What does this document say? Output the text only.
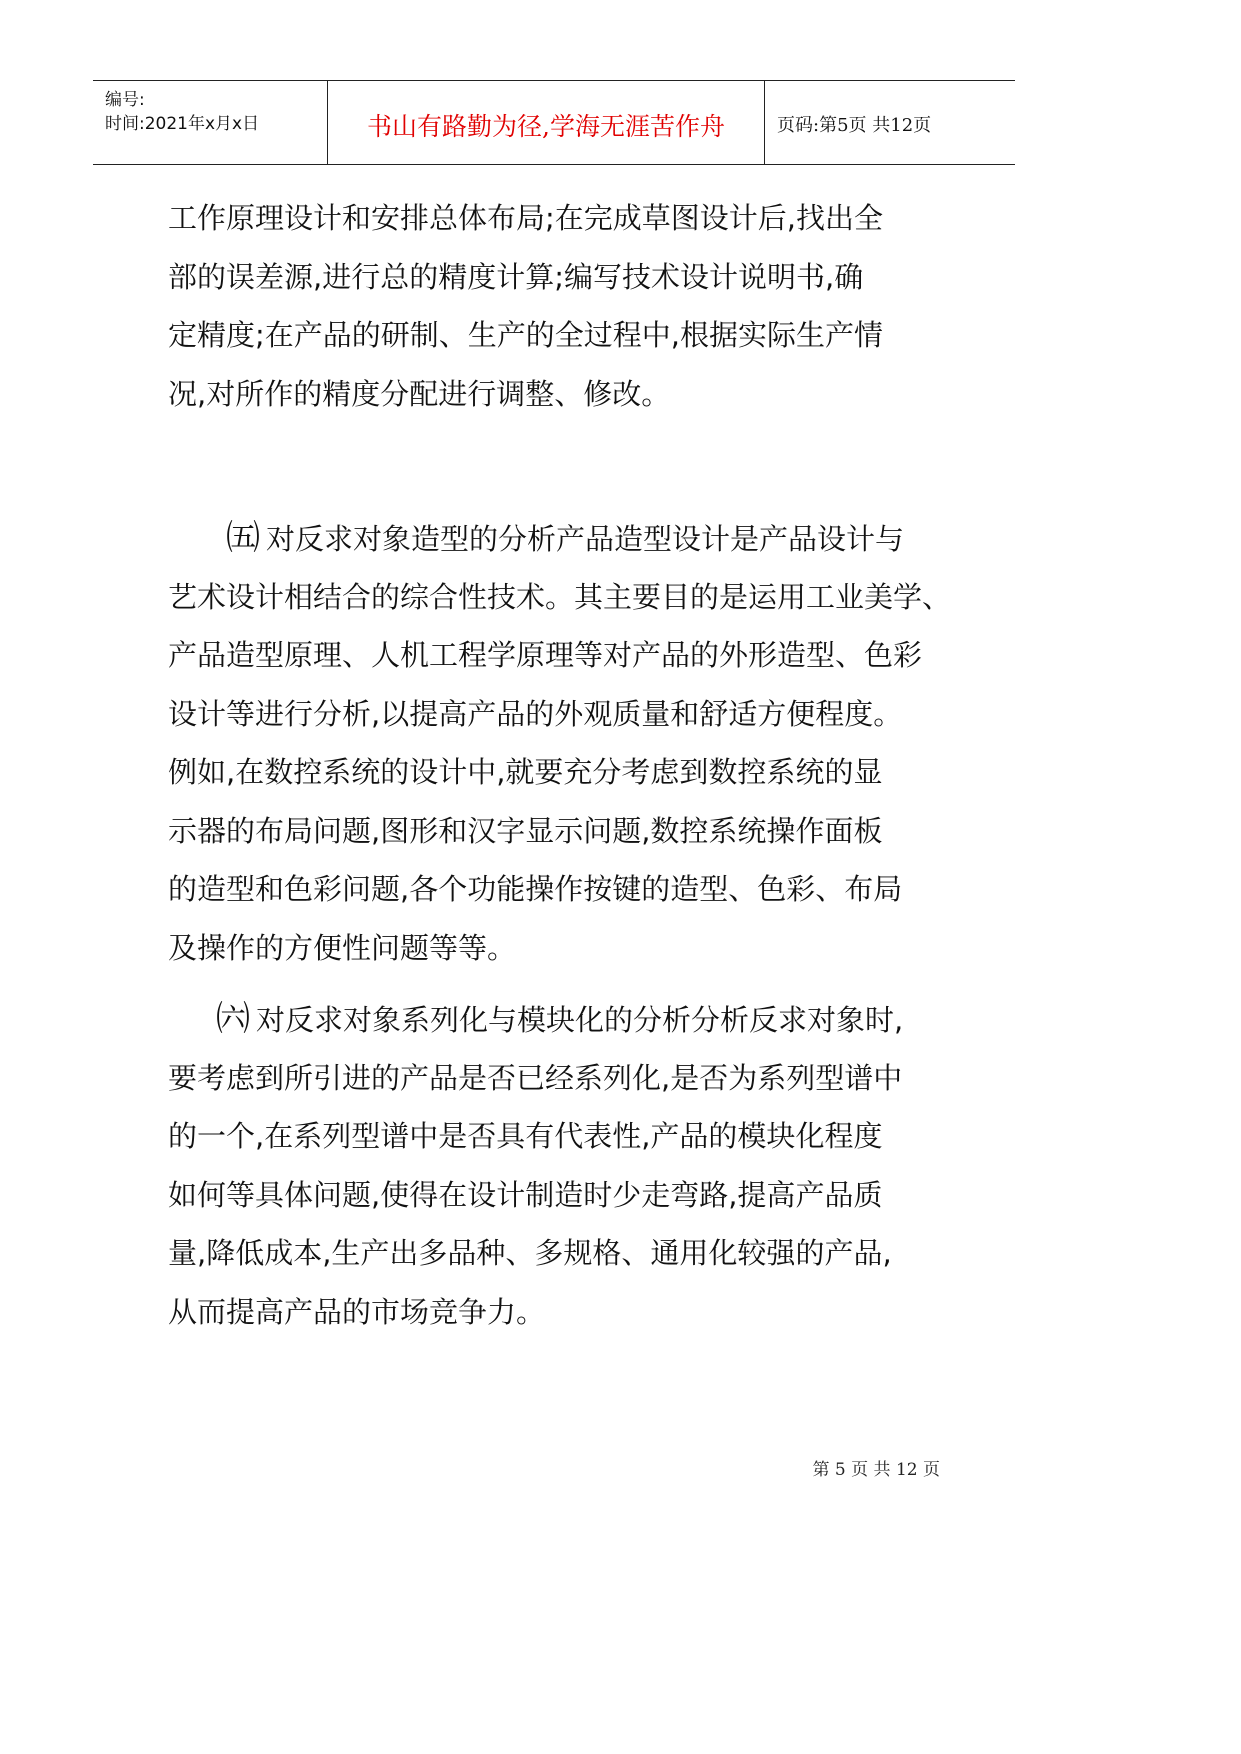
编号:
时间:2021年x月x日	书山有路勤为径,学海无涯苦作舟	页码:第5页 共12页
工作原理设计和安排总体布局;在完成草图设计后,找出全
部的误差源,进行总的精度计算;编写技术设计说明书,确
定精度;在产品的研制、生产的全过程中,根据实际生产情
况,对所作的精度分配进行调整、修改。
㈤ 对反求对象造型的分析产品造型设计是产品设计与
艺术设计相结合的综合性技术。其主要目的是运用工业美学、
产品造型原理、人机工程学原理等对产品的外形造型、色彩
设计等进行分析,以提高产品的外观质量和舒适方便程度。
例如,在数控系统的设计中,就要充分考虑到数控系统的显
示器的布局问题,图形和汉字显示问题,数控系统操作面板
的造型和色彩问题,各个功能操作按键的造型、色彩、布局
及操作的方便性问题等等。
㈥ 对反求对象系列化与模块化的分析分析反求对象时,
要考虑到所引进的产品是否已经系列化,是否为系列型谱中
的一个,在系列型谱中是否具有代表性,产品的模块化程度
如何等具体问题,使得在设计制造时少走弯路,提高产品质
量,降低成本,生产出多品种、多规格、通用化较强的产品,
从而提高产品的市场竞争力。
第 5 页 共 12 页
